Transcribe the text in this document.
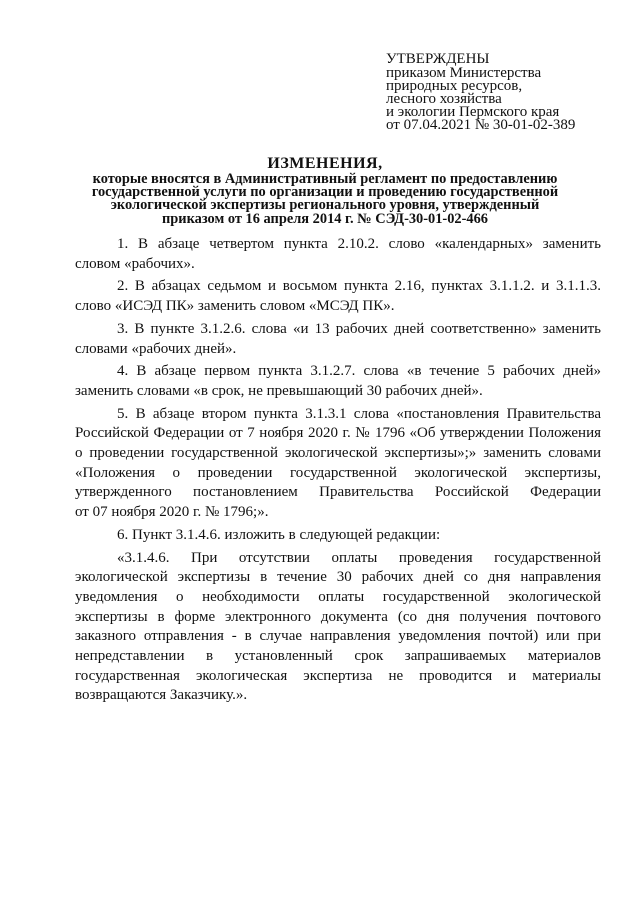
УТВЕРЖДЕНЫ
приказом Министерства
природных ресурсов,
лесного хозяйства
и экологии Пермского края
от 07.04.2021 № 30-01-02-389
ИЗМЕНЕНИЯ,
которые вносятся в Административный регламент по предоставлению
государственной услуги по организации и проведению государственной
экологической экспертизы регионального уровня, утвержденный
приказом от 16 апреля 2014 г. № СЭД-30-01-02-466
1. В абзаце четвертом пункта 2.10.2. слово «календарных» заменить
словом «рабочих».
2. В абзацах седьмом и восьмом пункта 2.16, пунктах 3.1.1.2. и 3.1.1.3.
слово «ИСЭД ПК» заменить словом «МСЭД ПК».
3. В пункте 3.1.2.6. слова «и 13 рабочих дней соответственно» заменить
словами «рабочих дней».
4. В абзаце первом пункта 3.1.2.7. слова «в течение 5 рабочих дней»
заменить словами «в срок, не превышающий 30 рабочих дней».
5. В абзаце втором пункта 3.1.3.1 слова «постановления Правительства
Российской Федерации от 7 ноября 2020 г. № 1796 «Об утверждении Положения
о проведении государственной экологической экспертизы»;» заменить словами
«Положения о проведении государственной экологической экспертизы,
утвержденного постановлением Правительства Российской Федерации
от 07 ноября 2020 г. № 1796;».
6. Пункт 3.1.4.6. изложить в следующей редакции:
«3.1.4.6. При отсутствии оплаты проведения государственной
экологической экспертизы в течение 30 рабочих дней со дня направления
уведомления о необходимости оплаты государственной экологической
экспертизы в форме электронного документа (со дня получения почтового
заказного отправления - в случае направления уведомления почтой) или при
непредставлении в установленный срок запрашиваемых материалов
государственная экологическая экспертиза не проводится и материалы
возвращаются Заказчику.».
